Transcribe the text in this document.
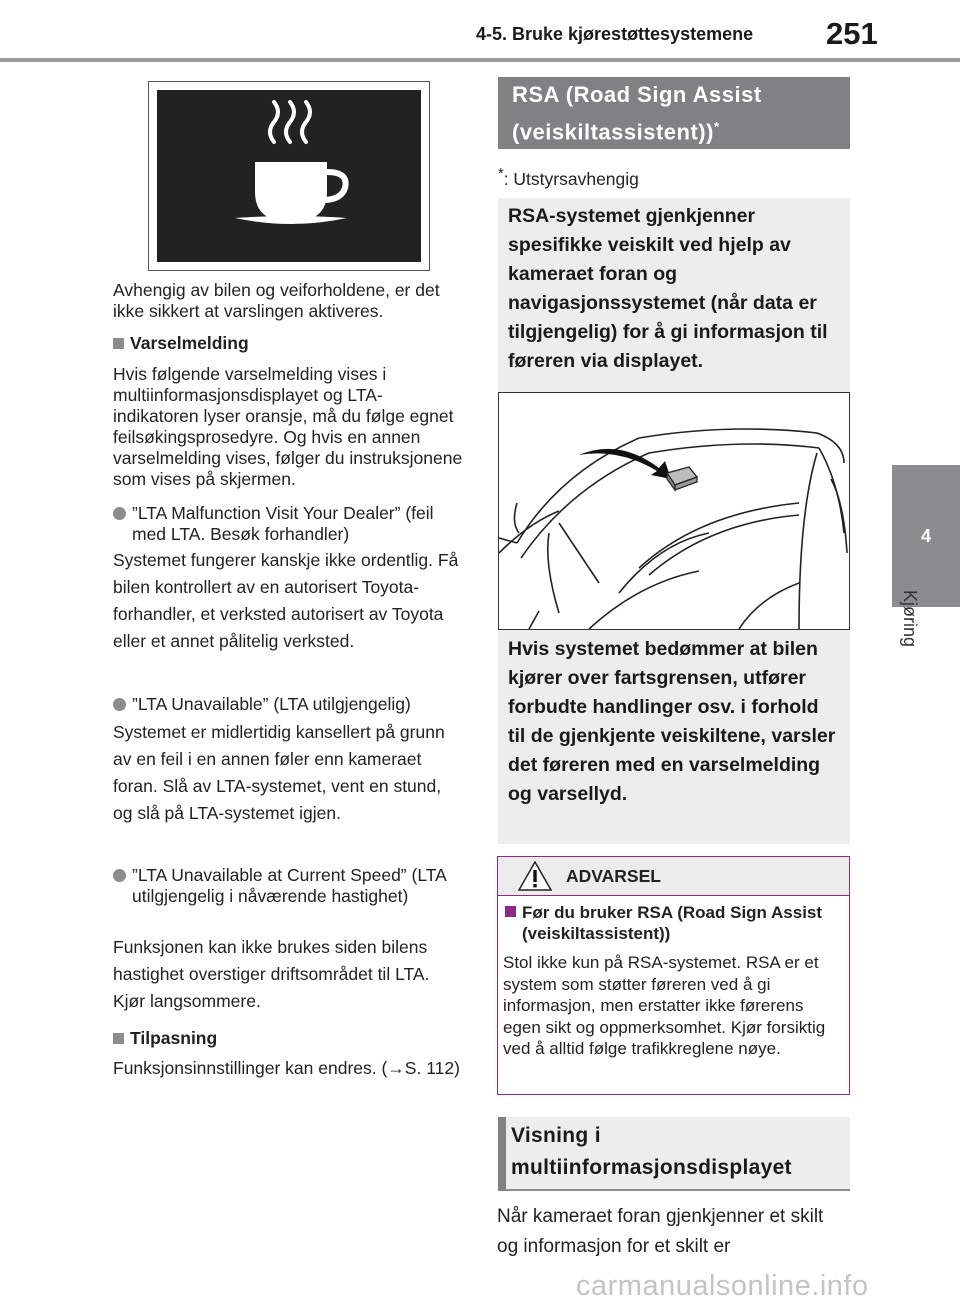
4-5. Bruke kjørestøttesystemene 251
4
Kjøring

Avhengig av bilen og veiforholdene, er det ikke sikkert at varslingen aktiveres.

Varselmelding

Hvis følgende varselmelding vises i multiinformasjonsdisplayet og LTA-indikatoren lyser oransje, må du følge egnet feilsøkingsprosedyre. Og hvis en annen varselmelding vises, følger du instruksjonene som vises på skjermen.

”LTA Malfunction Visit Your Dealer” (feil med LTA. Besøk forhandler)

Systemet fungerer kanskje ikke ordentlig. Få bilen kontrollert av en autorisert Toyota-forhandler, et verksted autorisert av Toyota eller et annet pålitelig verksted.

”LTA Unavailable” (LTA utilgjengelig)

Systemet er midlertidig kansellert på grunn av en feil i en annen føler enn kameraet foran. Slå av LTA-systemet, vent en stund, og slå på LTA-systemet igjen.

”LTA Unavailable at Current Speed” (LTA utilgjengelig i nåværende hastighet)

Funksjonen kan ikke brukes siden bilens hastighet overstiger driftsområdet til LTA. Kjør langsommere.

Tilpasning

Funksjonsinnstillinger kan endres. (→S. 112)

RSA (Road Sign Assist
(veiskiltassistent))*
*: Utstyrsavhengig

RSA-systemet gjenkjenner spesifikke veiskilt ved hjelp av kameraet foran og navigasjonssystemet (når data er tilgjengelig) for å gi informasjon til føreren via displayet.

Hvis systemet bedømmer at bilen kjører over fartsgrensen, utfører forbudte handlinger osv. i forhold til de gjenkjente veiskiltene, varsler det føreren med en varselmelding og varsellyd.

ADVARSEL
Før du bruker RSA (Road Sign Assist (veiskiltassistent))
Stol ikke kun på RSA-systemet. RSA er et system som støtter føreren ved å gi informasjon, men erstatter ikke førerens egen sikt og oppmerksomhet. Kjør forsiktig ved å alltid følge trafikkreglene nøye.
Visning i
multiinformasjonsdisplayet
Når kameraet foran gjenkjenner et skilt og informasjon for et skilt er
carmanualsonline.info
